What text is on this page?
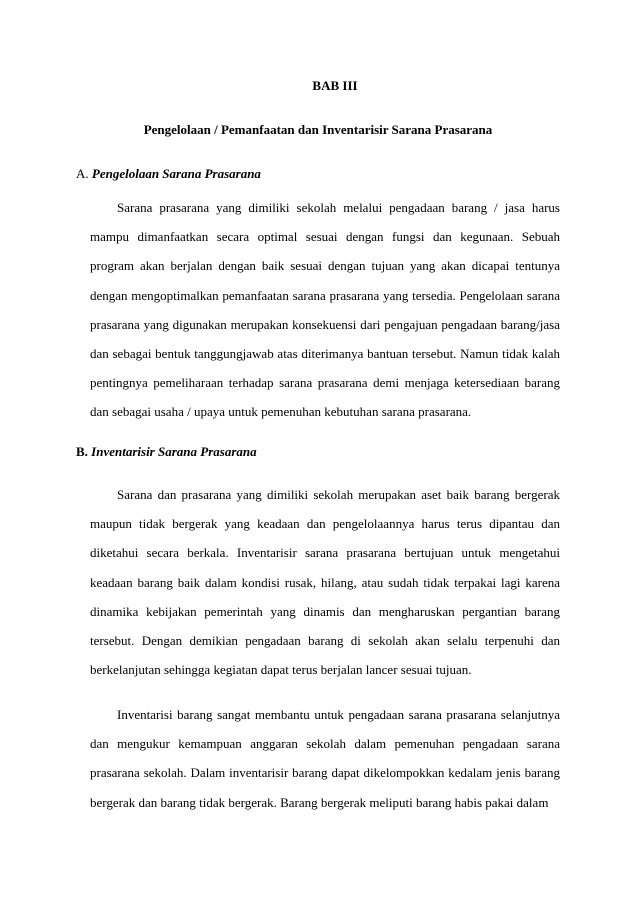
BAB III
Pengelolaan / Pemanfaatan dan Inventarisir Sarana Prasarana
A. Pengelolaan Sarana Prasarana

Sarana prasarana yang dimiliki sekolah melalui pengadaan barang / jasa harus mampu dimanfaatkan secara optimal sesuai dengan fungsi dan kegunaan. Sebuah program akan berjalan dengan baik sesuai dengan tujuan yang akan dicapai tentunya dengan mengoptimalkan pemanfaatan sarana prasarana yang tersedia. Pengelolaan sarana prasarana yang digunakan merupakan konsekuensi dari pengajuan pengadaan barang/jasa dan sebagai bentuk tanggungjawab atas diterimanya bantuan tersebut. Namun tidak kalah pentingnya pemeliharaan terhadap sarana prasarana demi menjaga ketersediaan barang dan sebagai usaha / upaya untuk pemenuhan kebutuhan sarana prasarana.

B. Inventarisir Sarana Prasarana

Sarana dan prasarana yang dimiliki sekolah merupakan aset baik barang bergerak maupun tidak bergerak yang keadaan dan pengelolaannya harus terus dipantau dan diketahui secara berkala. Inventarisir sarana prasarana bertujuan untuk mengetahui keadaan barang baik dalam kondisi rusak, hilang, atau sudah tidak terpakai lagi karena dinamika kebijakan pemerintah yang dinamis dan mengharuskan pergantian barang tersebut. Dengan demikian pengadaan barang di sekolah akan selalu terpenuhi dan berkelanjutan sehingga kegiatan dapat terus berjalan lancer sesuai tujuan.

Inventarisi barang sangat membantu untuk pengadaan sarana prasarana selanjutnya dan mengukur kemampuan anggaran sekolah dalam pemenuhan pengadaan sarana prasarana sekolah. Dalam inventarisir barang dapat dikelompokkan kedalam jenis barang bergerak dan barang tidak bergerak. Barang bergerak meliputi barang habis pakai dalam
